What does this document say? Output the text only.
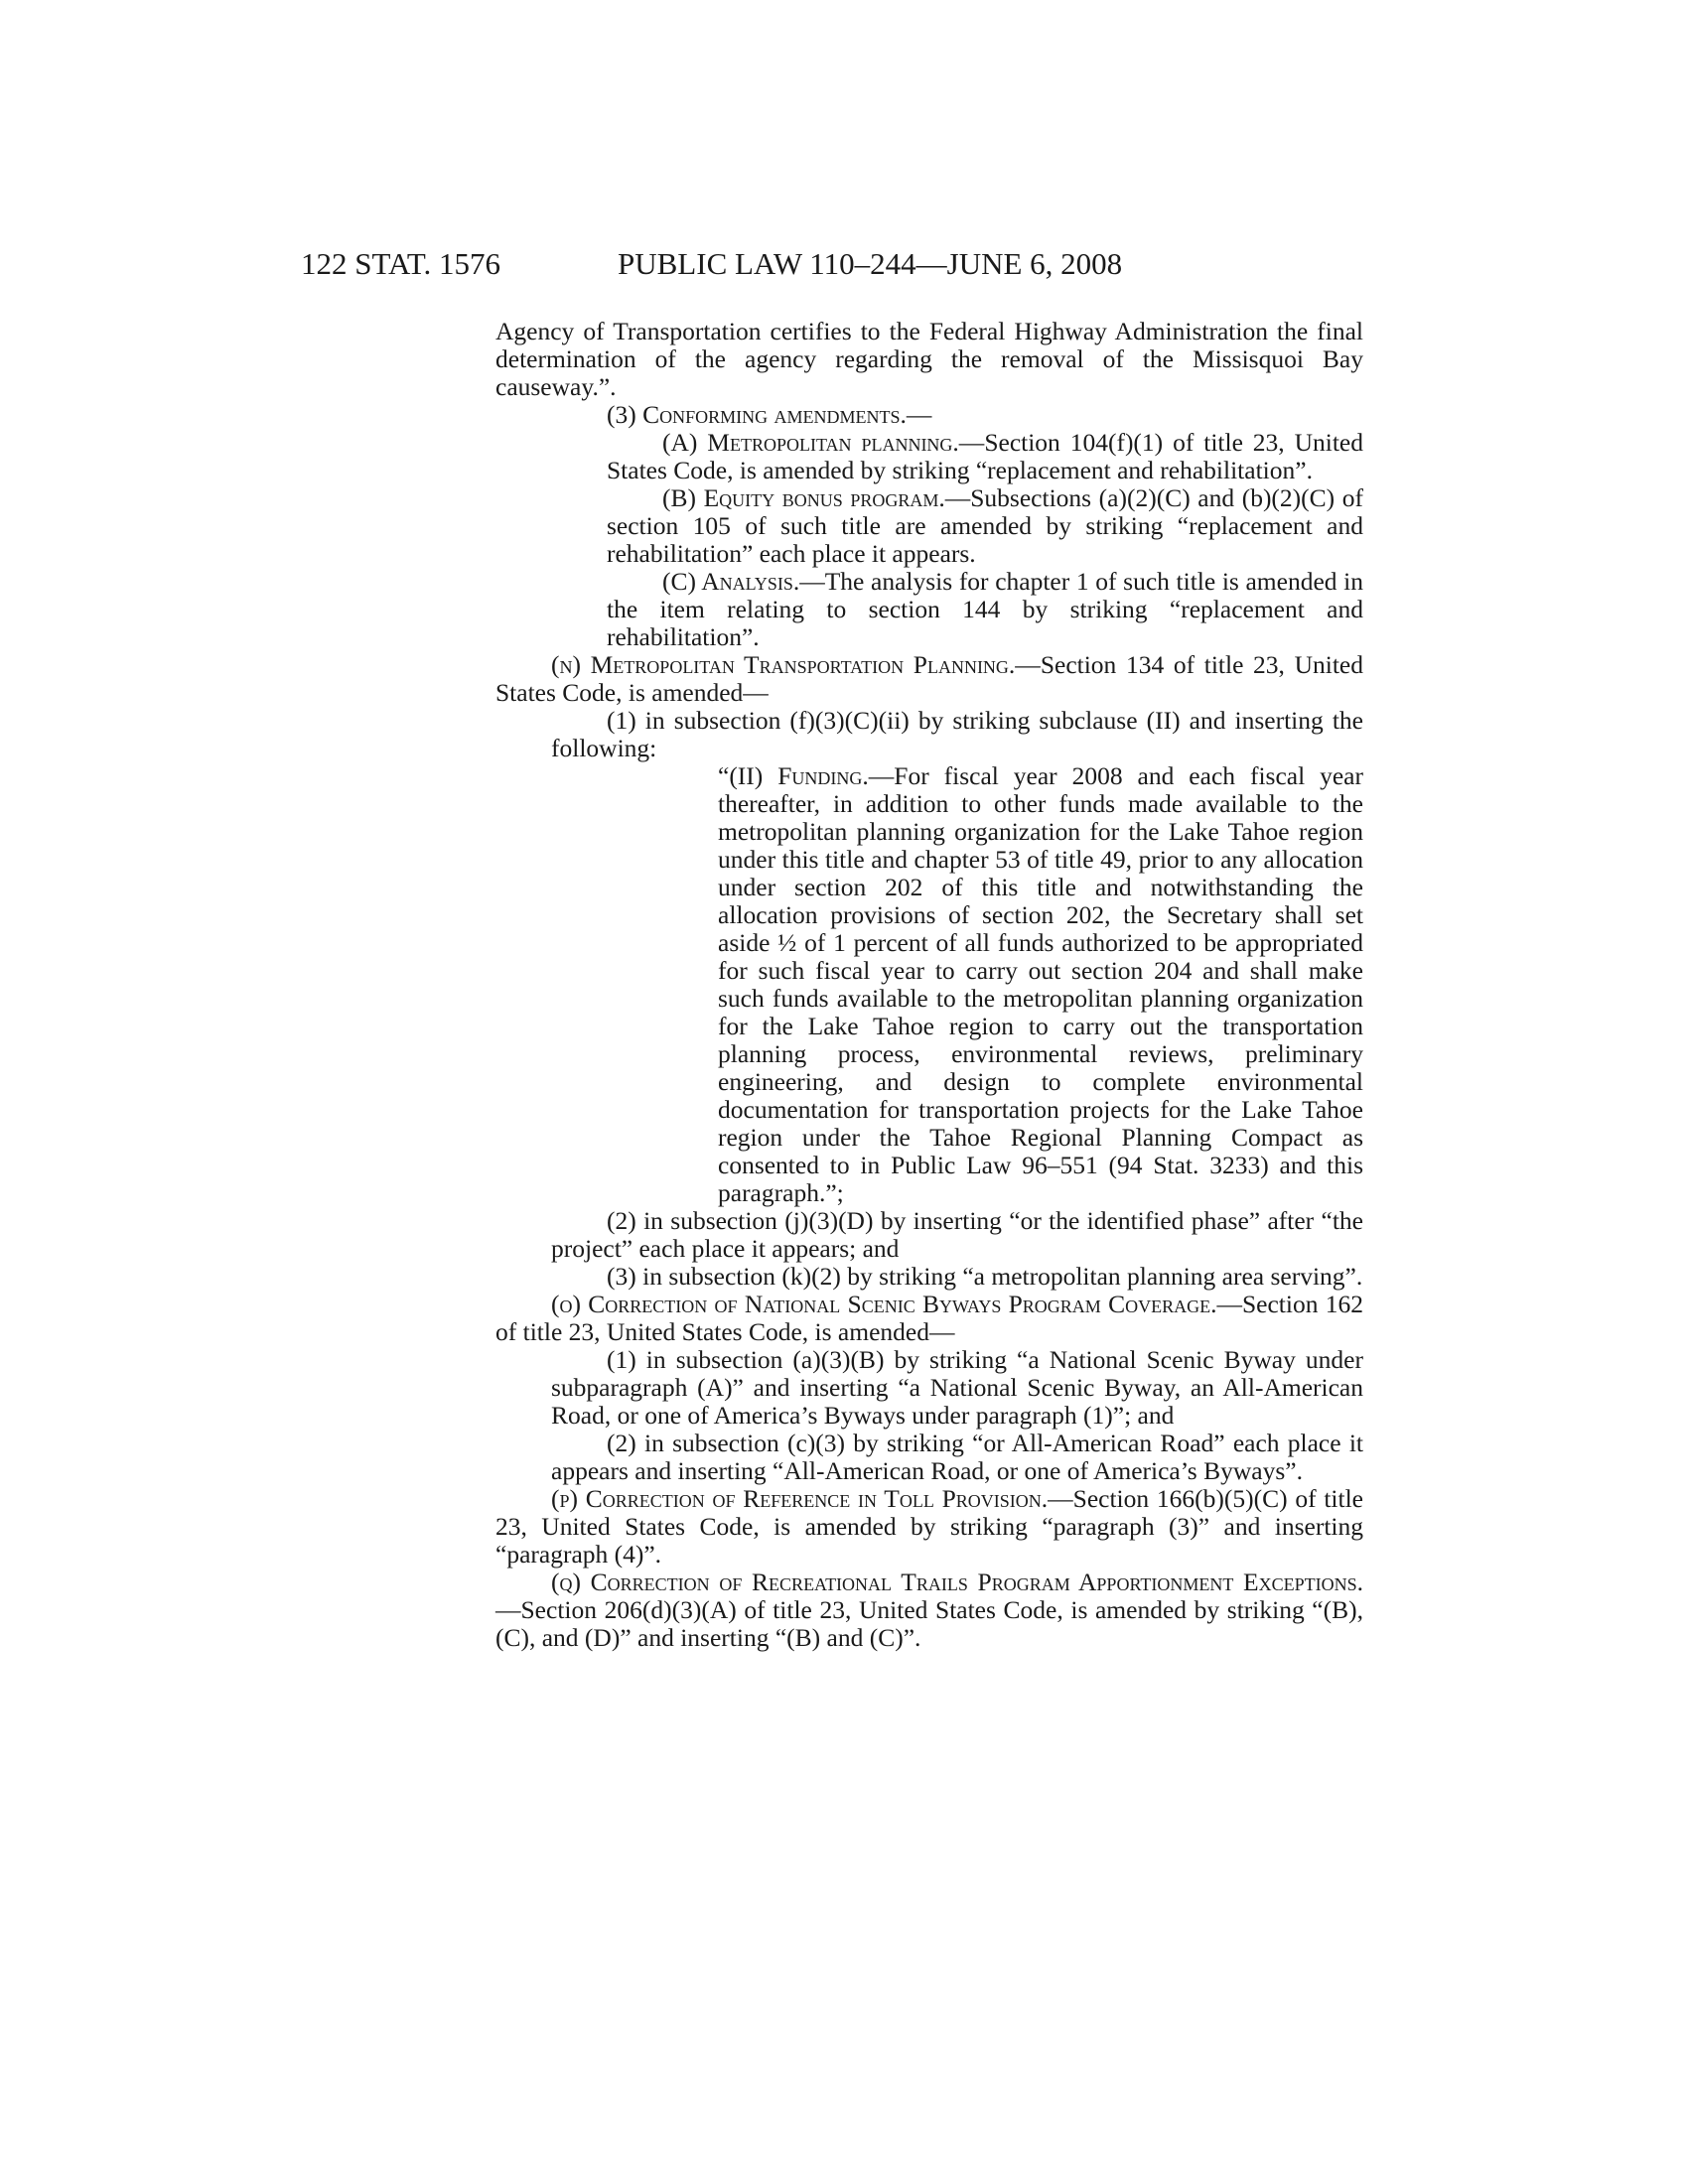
122 STAT. 1576	PUBLIC LAW 110–244—JUNE 6, 2008

Agency of Transportation certifies to the Federal Highway Administration the final determination of the agency regarding the removal of the Missisquoi Bay causeway.”.

(3) Conforming amendments.—

(A) Metropolitan planning.—Section 104(f)(1) of title 23, United States Code, is amended by striking “replacement and rehabilitation”.

(B) Equity bonus program.—Subsections (a)(2)(C) and (b)(2)(C) of section 105 of such title are amended by striking “replacement and rehabilitation” each place it appears.

(C) Analysis.—The analysis for chapter 1 of such title is amended in the item relating to section 144 by striking “replacement and rehabilitation”.

(n) Metropolitan Transportation Planning.—Section 134 of title 23, United States Code, is amended—

(1) in subsection (f)(3)(C)(ii) by striking subclause (II) and inserting the following:

“(II) Funding.—For fiscal year 2008 and each fiscal year thereafter, in addition to other funds made available to the metropolitan planning organization for the Lake Tahoe region under this title and chapter 53 of title 49, prior to any allocation under section 202 of this title and notwithstanding the allocation provisions of section 202, the Secretary shall set aside ½ of 1 percent of all funds authorized to be appropriated for such fiscal year to carry out section 204 and shall make such funds available to the metropolitan planning organization for the Lake Tahoe region to carry out the transportation planning process, environmental reviews, preliminary engineering, and design to complete environmental documentation for transportation projects for the Lake Tahoe region under the Tahoe Regional Planning Compact as consented to in Public Law 96–551 (94 Stat. 3233) and this paragraph.”;

(2) in subsection (j)(3)(D) by inserting “or the identified phase” after “the project” each place it appears; and

(3) in subsection (k)(2) by striking “a metropolitan planning area serving”.

(o) Correction of National Scenic Byways Program Coverage.—Section 162 of title 23, United States Code, is amended—

(1) in subsection (a)(3)(B) by striking “a National Scenic Byway under subparagraph (A)” and inserting “a National Scenic Byway, an All-American Road, or one of America’s Byways under paragraph (1)”; and

(2) in subsection (c)(3) by striking “or All-American Road” each place it appears and inserting “All-American Road, or one of America’s Byways”.

(p) Correction of Reference in Toll Provision.—Section 166(b)(5)(C) of title 23, United States Code, is amended by striking “paragraph (3)” and inserting “paragraph (4)”.

(q) Correction of Recreational Trails Program Apportionment Exceptions.—Section 206(d)(3)(A) of title 23, United States Code, is amended by striking “(B), (C), and (D)” and inserting “(B) and (C)”.
